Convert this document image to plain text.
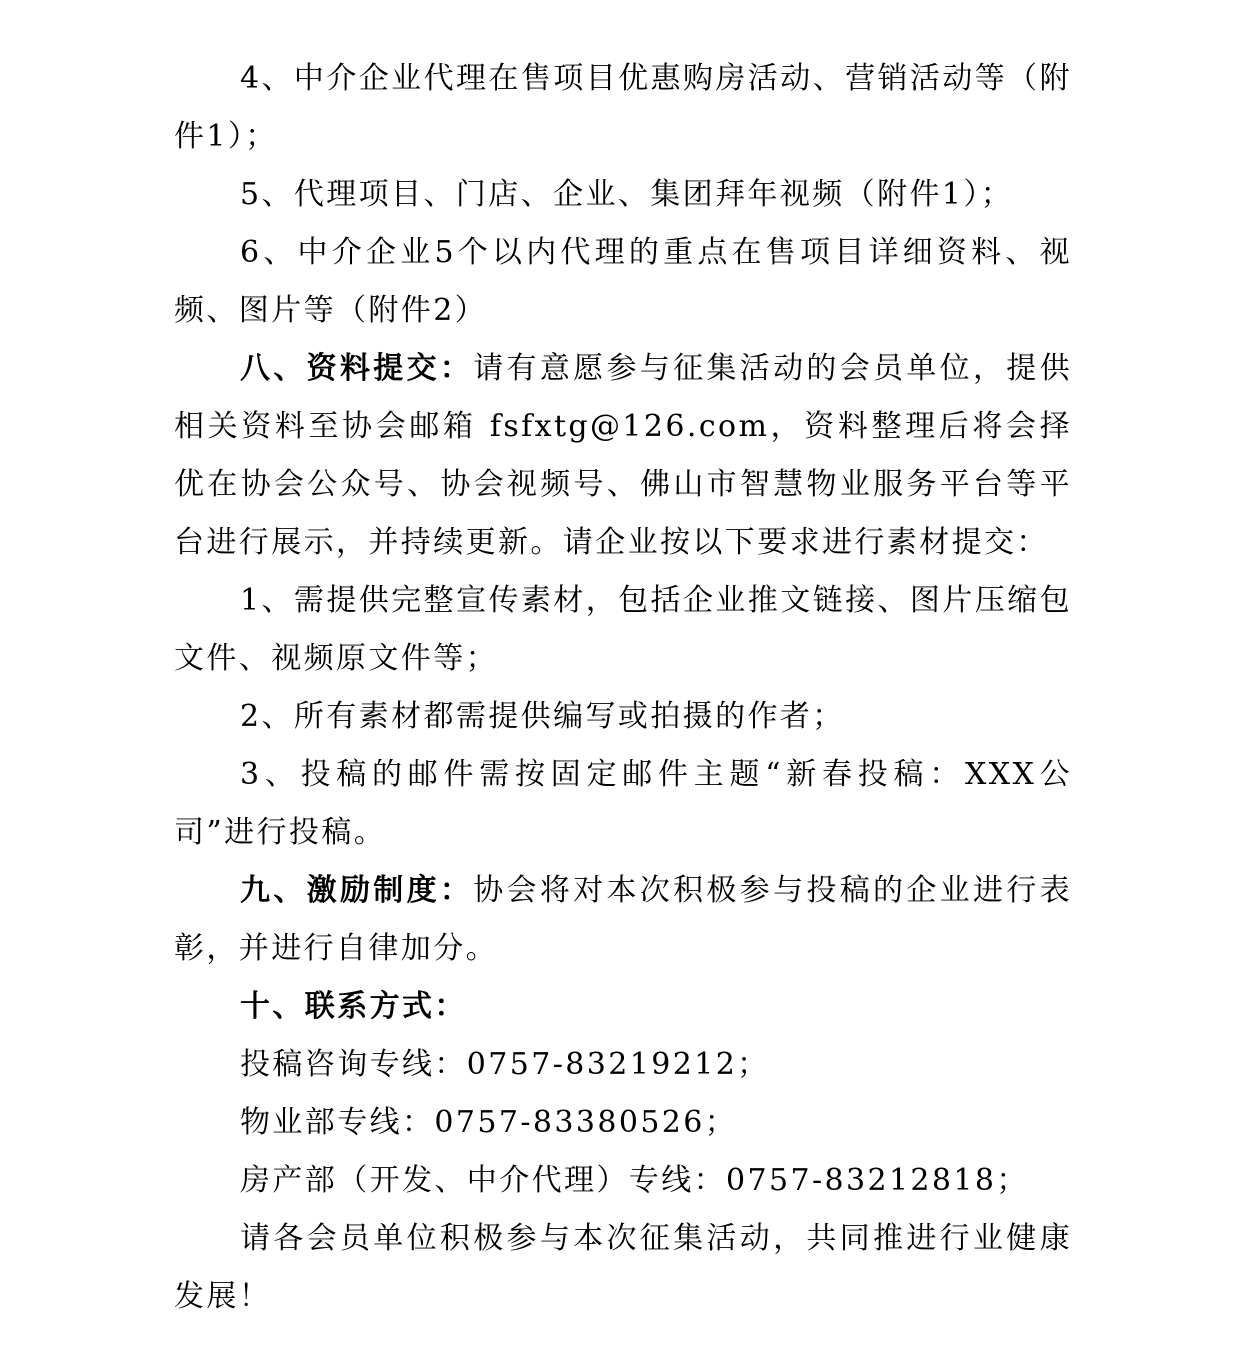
4、中介企业代理在售项目优惠购房活动、营销活动等（附件1）；

5、代理项目、门店、企业、集团拜年视频（附件1）；

6、中介企业5个以内代理的重点在售项目详细资料、视频、图片等（附件2）

八、资料提交：请有意愿参与征集活动的会员单位，提供相关资料至协会邮箱 fsfxtg@126.com，资料整理后将会择优在协会公众号、协会视频号、佛山市智慧物业服务平台等平台进行展示，并持续更新。请企业按以下要求进行素材提交：

1、需提供完整宣传素材，包括企业推文链接、图片压缩包文件、视频原文件等；

2、所有素材都需提供编写或拍摄的作者；

3、投稿的邮件需按固定邮件主题“新春投稿：XXX公司”进行投稿。

九、激励制度：协会将对本次积极参与投稿的企业进行表彰，并进行自律加分。

十、联系方式：

投稿咨询专线：0757-83219212；

物业部专线：0757-83380526；

房产部（开发、中介代理）专线：0757-83212818；

请各会员单位积极参与本次征集活动，共同推进行业健康发展！
